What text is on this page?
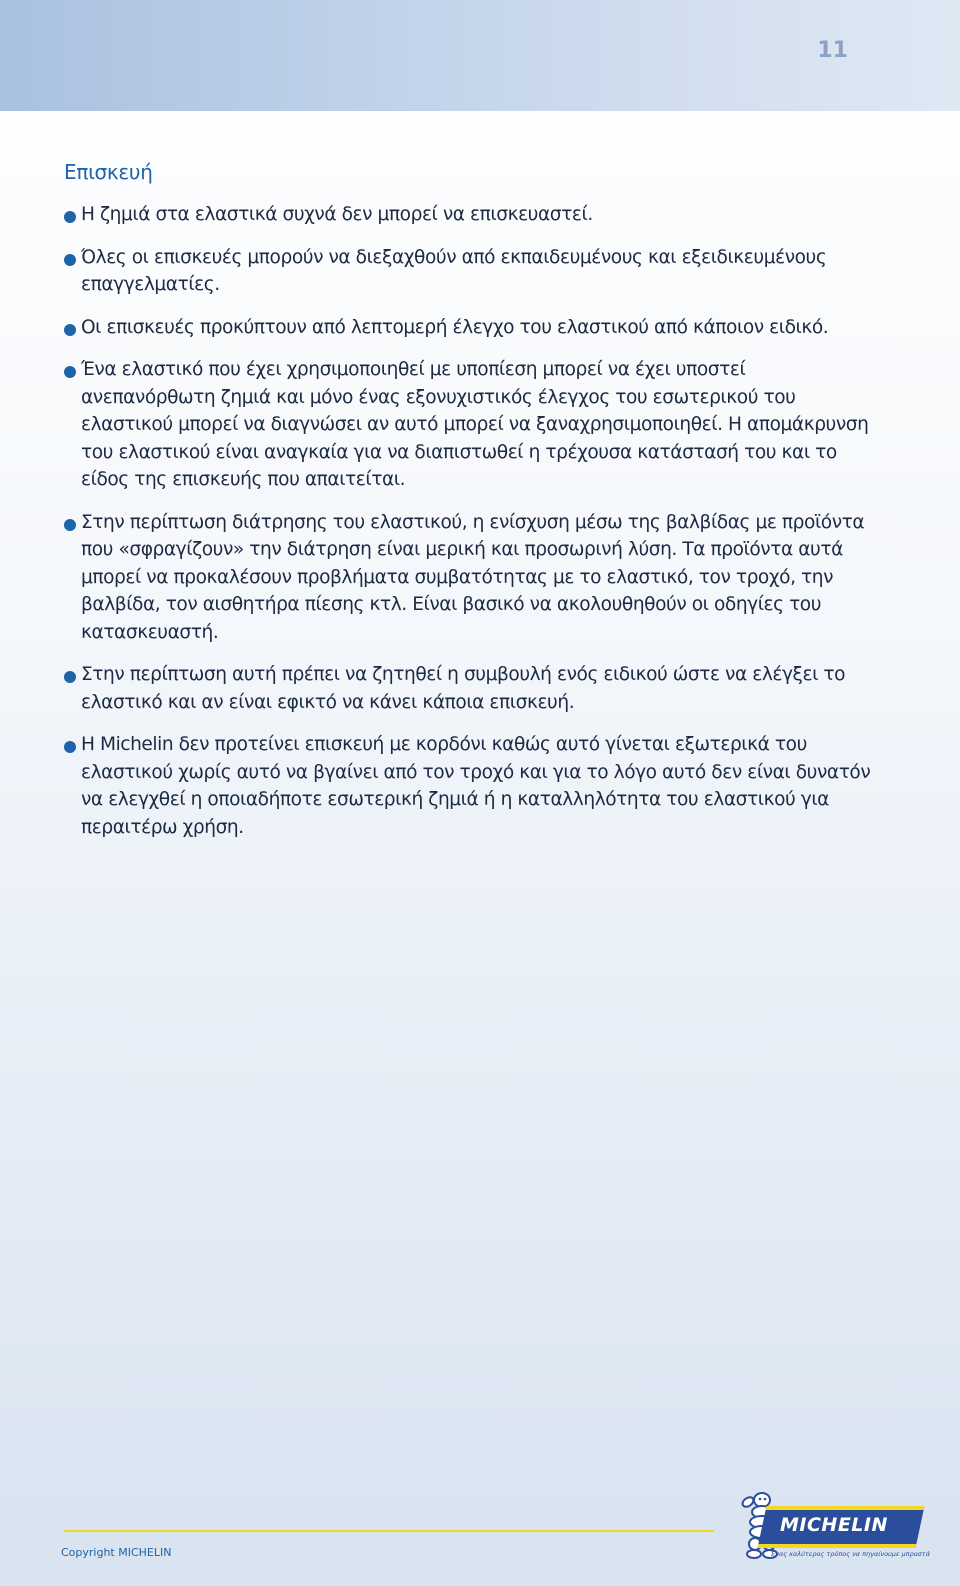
11
Επισκευή
Η ζημιά στα ελαστικά συχνά δεν μπορεί να επισκευαστεί.
Όλες οι επισκευές μπορούν να διεξαχθούν από εκπαιδευμένους και εξειδικευμένους επαγγελματίες.
Οι επισκευές προκύπτουν από λεπτομερή έλεγχο του ελαστικού από κάποιον ειδικό.
Ένα ελαστικό που έχει χρησιμοποιηθεί με υποπίεση μπορεί να έχει υποστεί ανεπανόρθωτη ζημιά και μόνο ένας εξονυχιστικός έλεγχος του εσωτερικού του ελαστικού μπορεί να διαγνώσει αν αυτό μπορεί να ξαναχρησιμοποιηθεί. Η απομάκρυνση του ελαστικού είναι αναγκαία για να διαπιστωθεί η τρέχουσα κατάστασή του και το είδος της επισκευής που απαιτείται.
Στην περίπτωση διάτρησης του ελαστικού, η ενίσχυση μέσω της βαλβίδας με προϊόντα που «σφραγίζουν» την διάτρηση είναι μερική και προσωρινή λύση. Τα προϊόντα αυτά μπορεί να προκαλέσουν προβλήματα συμβατότητας με το ελαστικό, τον τροχό, την βαλβίδα, τον αισθητήρα πίεσης κτλ. Είναι βασικό να ακολουθηθούν οι οδηγίες του κατασκευαστή.
Στην περίπτωση αυτή πρέπει να ζητηθεί η συμβουλή ενός ειδικού ώστε να ελέγξει το ελαστικό και αν είναι εφικτό να κάνει κάποια επισκευή.
Η Michelin δεν προτείνει επισκευή με κορδόνι καθώς αυτό γίνεται εξωτερικά του ελαστικού χωρίς αυτό να βγαίνει από τον τροχό και για το λόγο αυτό δεν είναι δυνατόν να ελεγχθεί η οποιαδήποτε εσωτερική ζημιά ή η καταλληλότητα του ελαστικού για περαιτέρω χρήση.
Copyright MICHELIN
MICHELIN
Ένας καλύτερος τρόπος να πηγαίνουμε μπροστά
